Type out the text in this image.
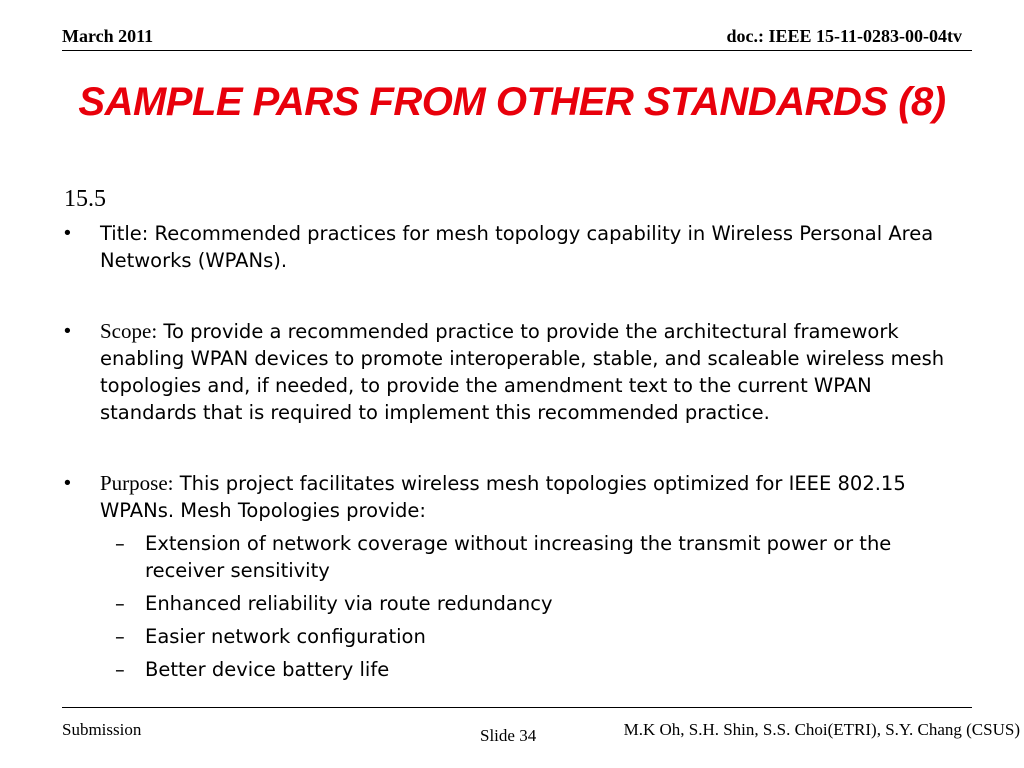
March 2011	doc.: IEEE 15-11-0283-00-04tv
SAMPLE PARS FROM OTHER STANDARDS (8)
15.5
• Title: Recommended practices for mesh topology capability in Wireless Personal Area Networks (WPANs).
• Scope: To provide a recommended practice to provide the architectural framework enabling WPAN devices to promote interoperable, stable, and scaleable wireless mesh topologies and, if needed, to provide the amendment text to the current WPAN standards that is required to implement this recommended practice.
• Purpose: This project facilitates wireless mesh topologies optimized for IEEE 802.15 WPANs. Mesh Topologies provide:
– Extension of network coverage without increasing the transmit power or the receiver sensitivity
– Enhanced reliability via route redundancy
– Easier network configuration
– Better device battery life
Submission	Slide 34	M.K Oh, S.H. Shin, S.S. Choi(ETRI), S.Y. Chang (CSUS)
